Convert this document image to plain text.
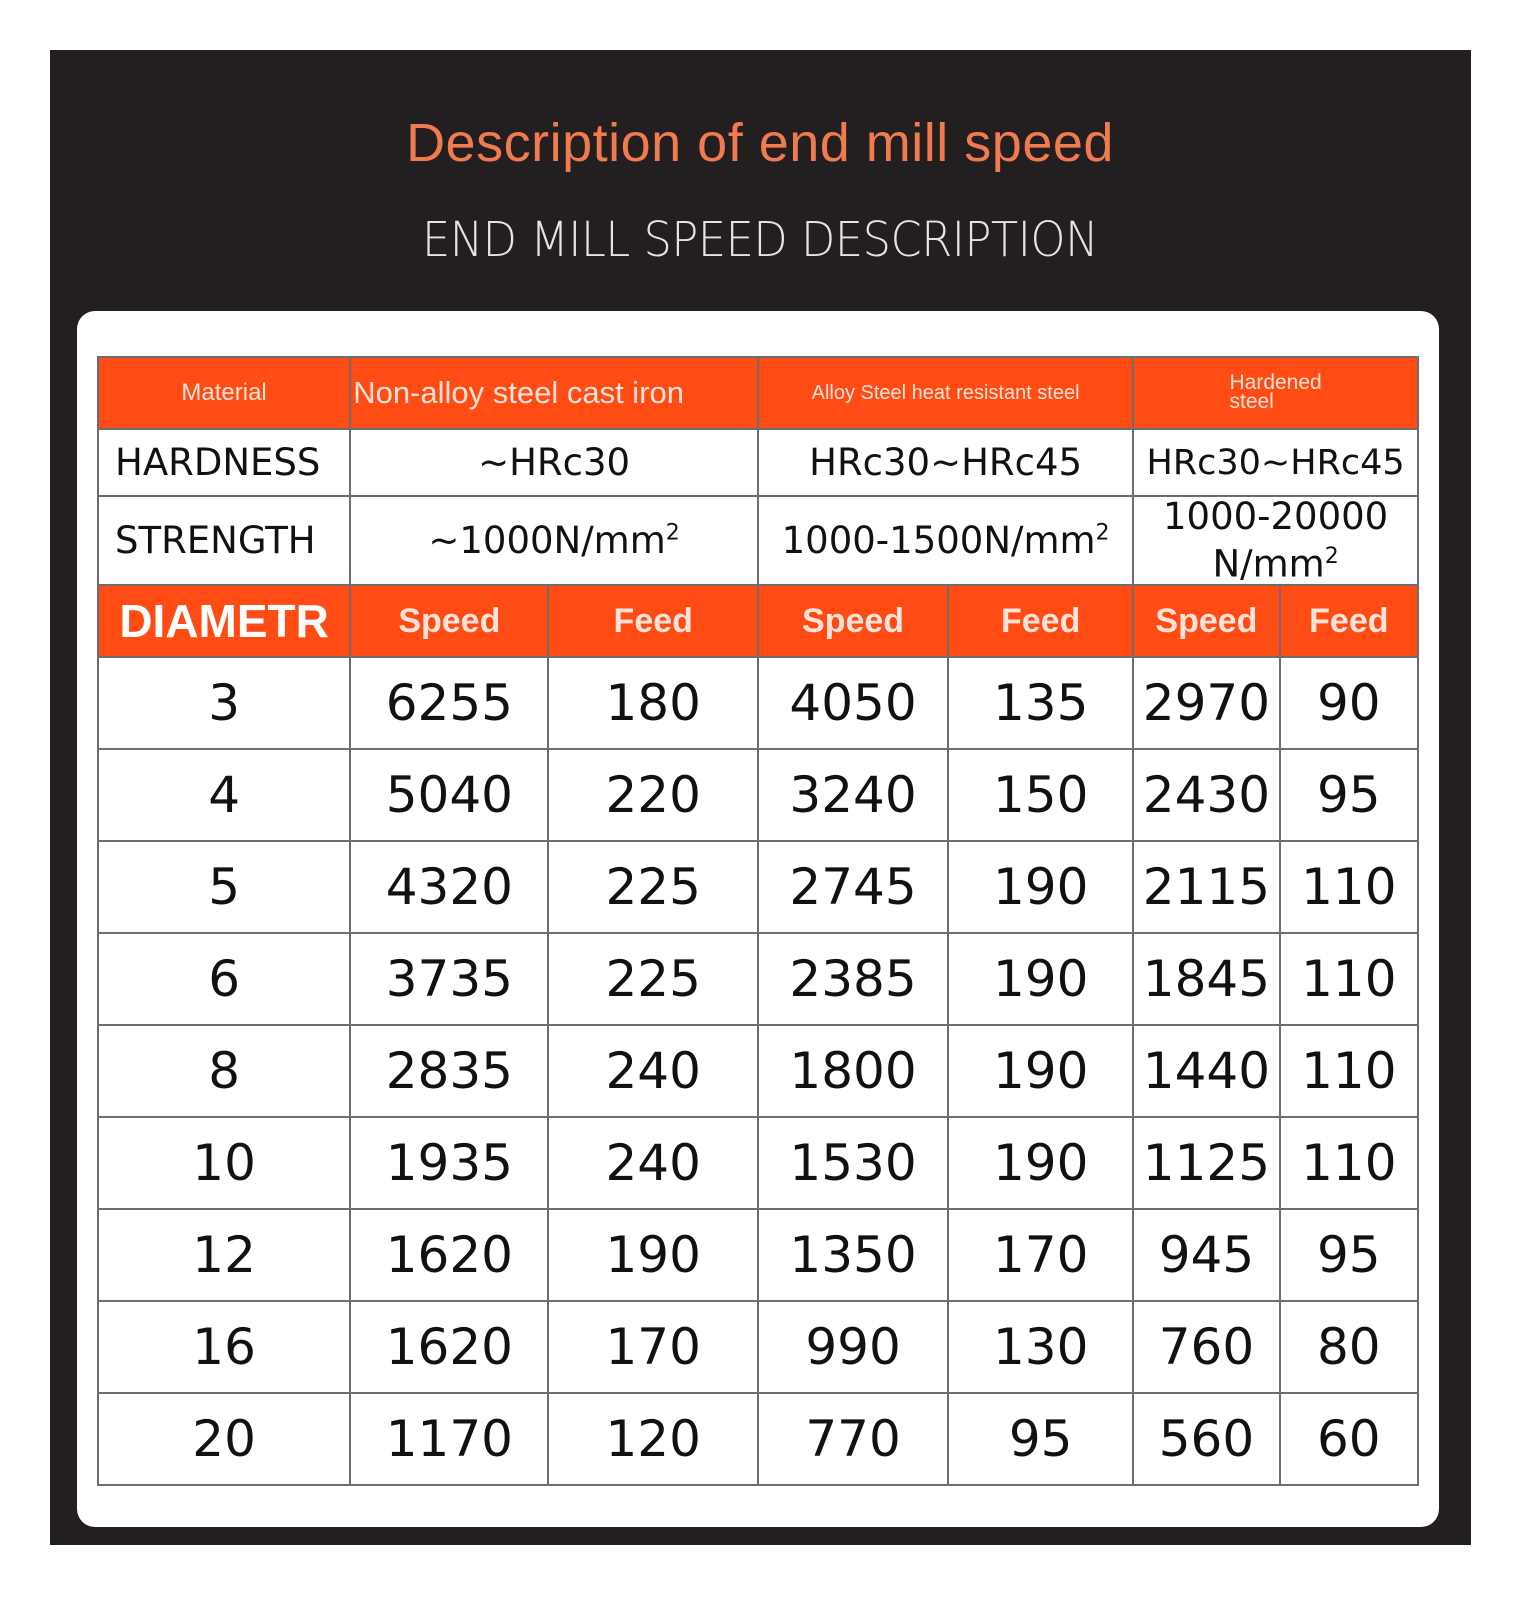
Description of end mill speed
END MILL SPEED DESCRIPTION
Material	Non-alloy steel cast iron		Alloy Steel heat resistant steel		Hardened
steel	
HARDNESS	~HRc30		HRc30~HRc45		HRc30~HRc45	
STRENGTH	$\sim 1000N/mm^2$		$1000-1500N/mm^2$		1000-20000
$N/mm^2$
DIAMETR	Speed	Feed	Speed	Feed	Speed	Feed
3	6255	180	4050	135	2970	90
4	5040	220	3240	150	2430	95
5	4320	225	2745	190	2115	110
6	3735	225	2385	190	1845	110
8	2835	240	1800	190	1440	110
10	1935	240	1530	190	1125	110
12	1620	190	1350	170	945	95
16	1620	170	990	130	760	80
20	1170	120	770	95	560	60
